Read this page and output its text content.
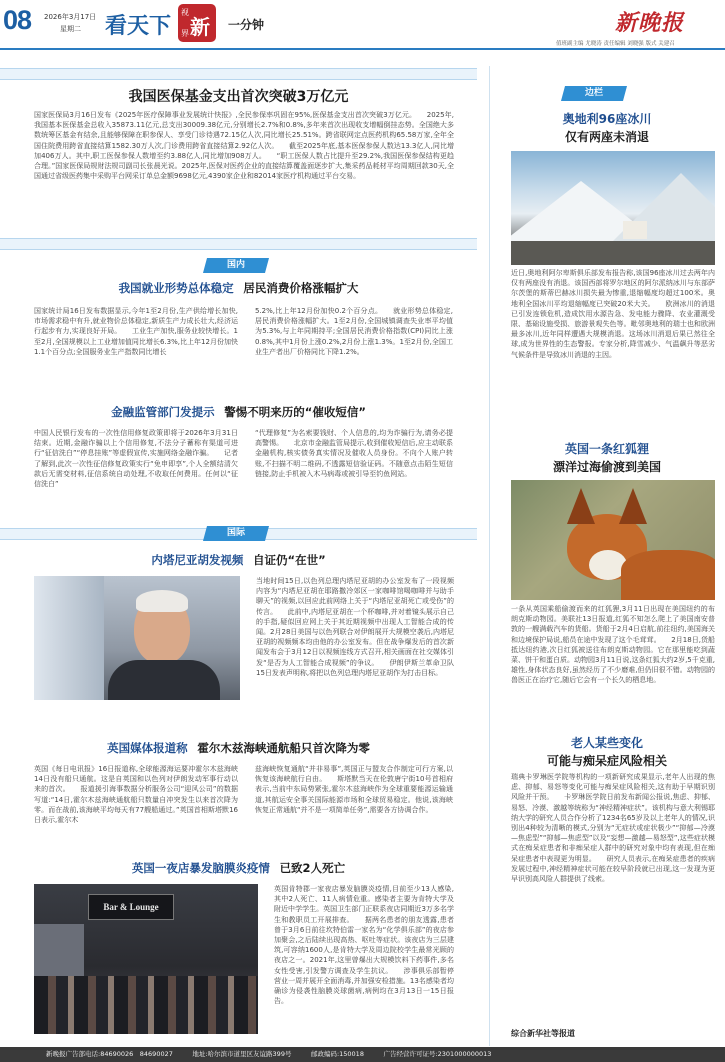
08 2026年3月17日
星期二 看天下
视
新
界
一分钟	新晚报
值班副主编 尤晓涛 责任编辑 刘晓强 版式 关建召
我国医保基金支出首次突破3万亿元
国家医保局3月16日发布《2025年医疗保障事业发展统计快报》,全民参保率巩固在95%,医保基金支出首次突破3万亿元。　　2025年,我国基本医保基金总收入35873.11亿元,总支出30009.38亿元,分别增长2.7%和0.8%,多年来首次出现收支增幅倒挂态势。全国绝大多数统筹区基金有结余,且能够保障在职参保人、享受门诊待遇72.15亿人次,同比增长25.51%。跨省联网定点医药机构65.58万家,全年全国住院费用跨省直接结算1582.30万人次,门诊费用跨省直接结算2.92亿人次。　　截至2025年底,基本医保参保人数达13.3亿人,同比增加406万人。其中,职工医保参保人数增至约3.88亿人,同比增加908万人。　　“职工医保人数占比提升至29.2%,我国医保参保结构更趋合理。”国家医保局规财法规司副司长张晨光说。2025年,医保对医药企业的直接结算覆盖面逐步扩大,集采药品耗材平均周期回款30天,全国通过省级医药集中采购平台网采订单总金额9698亿元,4390家企业和82014家医疗机构通过平台交易。
国内
我国就业形势总体稳定 居民消费价格涨幅扩大
国家统计局16日发布数据显示,今年1至2月份,生产供给增长加快,市场需求稳中有升,就业物价总体稳定,新质生产力成长壮大,经济运行起步有力,实现良好开局。　　工业生产加快,服务业较快增长。1至2月,全国规模以上工业增加值同比增长6.3%,比上年12月份加快1.1个百分点;全国服务业生产指数同比增长
5.2%,比上年12月份加快0.2个百分点。　　就业形势总体稳定,居民消费价格涨幅扩大。1至2月份,全国城镇调查失业率平均值为5.3%,与上年同期持平;全国居民消费价格指数(CPI)同比上涨0.8%,其中1月份上涨0.2%,2月份上涨1.3%。1至2月份,全国工业生产者出厂价格同比下降1.2%。
金融监管部门发提示 警惕不明来历的“催收短信”
中国人民银行发布的一次性信用修复政策即将于2026年3月31日结束。近期,金融诈骗以上个信用修复,不法分子蓄称有渠道可进行“征信洗白”“停息挂账”等虚假宣传,实施网络金融诈骗。　　记者了解到,此次一次性征信修复政策实行“免申即享”,个人全额结清欠款后无需变材料,征信系统自动处理,不收取任何费用。任何以“征信洗白”
“代理修复”为名索要钱财、个人信息的,均为诈骗行为,请务必提高警惕。　　北京市金融监管局提示,收到催收短信后,应主动联系金融机构,核实债务真实情况及催收人员身份。不向个人账户转账,不扫描不明二维码,不透露短信验证码。不随意点击陌生短信链接,防止手机被入木马病毒或被引导至钓鱼网站。
国际
内塔尼亚胡发视频 自证仍“在世”
当地时间15日,以色列总理内塔尼亚胡的办公室发布了一段视频内容为“内塔尼亚胡在耶路撒冷郊区一家咖啡馆喝咖啡并与助手聊天”的视频,以回应此前网络上关于“内塔尼亚胡死亡或受伤”的传言。　　此前中,内塔尼亚胡在一个杯咖啡,并对着镜头展示自己的手指,疑似回应网上关于其近期视频中出现人工智能合成的传闻。2月28日美国与以色列联合对伊朗展开大规模空袭后,内塔尼亚胡的视频频本均由他的办公室发布。但在战争爆发后的首次新闻发布会于3月12日以视频连线方式召开,相关画面在社交媒体引发“是否为人工智能合成视频”的争议。　　伊朗伊斯兰革命卫队15日发表声明称,将把以色列总理内塔尼亚胡作为打击目标。
英国媒体报道称 霍尔木兹海峡通航船只首次降为零
英国《每日电讯报》16日报道称,全球能源海运要冲霍尔木兹海峡14日没有船只通航。这是自英国和以色列对伊朗发动军事行动以来的首次。　　报道援引海事数据分析服务公司“迎风公司”的数据写道:“14日,霍尔木兹海峡通航船只数量自冲突发生以来首次降为零。而在战前,该海峡平均每天有77艘船通过。”英国首相斯塔默16日表示,霍尔木
兹海峡恢复通航“并非易事”,英国正与盟友合作制定可行方案,以恢复该海峡航行自由。　　斯塔默当天在伦敦唐宁街10号首相府表示,当前中东局势紧张,霍尔木兹海峡作为全球重要能源运输通道,其航运安全事关国际能源市场和全球贸易稳定。他说,该海峡恢复正常通航“并不是一项简单任务”,需要各方协调合作。
英国一夜店暴发脑膜炎疫情 已致2人死亡
Bar & Lounge
英国肯特郡一家夜店暴发脑膜炎疫情,目前至少13人感染,其中2人死亡、11人病情危重。感染者主要为肯特大学及附近中学学生。英国卫生部门正联系夜店同期近3万多名学生和教职员工开展排查。　　据两名患者的朋友透露,患者曾于3月6日前往坎特伯雷一家名为“化学俱乐部”的夜店参加聚会,之后陆续出现高热、呕吐等症状。该夜店为三层建筑,可容纳1600人,是肯特大学及周边院校学生最常光顾的夜店之一。2021年,这里曾爆出大规模饮料下药事件,多名女性受害,引发警方调查及学生抗议。　　涉事俱乐部暂停营业一周并展开全面消毒,并加强安检措施。13名感染者均确诊为侵袭性脑膜炎球菌病,病例均在3月13日一15日报告。
边栏
奥地利96座冰川
仅有两座未消退
近日,奥地利阿尔卑斯俱乐部发布报告称,该国96座冰川过去两年内仅有两座没有消退。该国西部将罗尔地区的阿尔派纳冰川与东部萨尔茨堡的斯蒂巴赫冰川损失最为惨重,退缩幅度均超过100米。奥地利全国冰川平均退缩幅度已突破20米大关。　　欧洲冰川的消退已引发连锁危机,造成饮用水源告急、发电能力骤降、农业灌溉受限、基础设施受损、旅游景观失色等。毗邻奥地利的瑞士也和欧洲最多冰川,近年同样遭遇大规模消退。这场冰川消退后果已然往全球,成为世界性的生态警报。专家分析,降雪减少、气温飙升等恶劣气候条件是导致冰川消退的主因。
英国一条红狐狸
漂洋过海偷渡到美国
一条从英国乘船偷渡而来的红狐狸,3月11日出现在美国纽约的布朗克斯动物园。美联社13日报道,红狐不知怎么爬上了美国南安普敦的一艘满载汽车的货船。货船于2月4日启航,前往纽约,美国海关和边境保护局说,船员在途中发现了这个毛茸茸。　　2月18日,货船抵达纽约港,次日红狐被送往布朗克斯动物园。它在那里能吃到蔬菜、饼干和蛋白质。动物园3月11日说,这条红狐大约2岁,5千克重,雄性,身体状态良好,虽然经历了不少磨难,但仍旧很不错。动物园的兽医正在治疗它,随后它会有一个长久的栖息地。
老人某些变化
可能与痴呆症风险相关
瑞典卡罗琳医学院等机构的一项新研究成果显示,老年人出现的焦虑、抑郁、易怒等变化可能与痴呆症风险相关,这有助于早期识别风险并干预。　　卡罗琳医学院日前发布新闻公报说,焦虑、抑郁、易怒、冷漠、激越等统称为“神经精神症状”。该机构与意大利锡耶纳大学的研究人员合作分析了1234名65岁及以上老年人的情况,识别出4种较为清晰的模式,分别为“无症状或症状极少”“抑郁—冷漠—焦虑型”“抑郁—焦虑型”以及“妄想—激越—易怒型”,这些症状模式在痴呆症患者和非痴呆症人群中的研究对象中均有表现,但在痴呆症患者中表现更为明显。　　研究人员表示,在痴呆症患者的疾病发展过程中,神经精神症状可能在较早阶段就已出现,这一发现为更早识别高风险人群提供了线索。
综合新华社等报道
新晚报广告部电话:84690026　84690027　　　地址:哈尔滨市道里区友谊路399号　　　邮政编码:150018　　　广告经营许可证号:2301000000013
